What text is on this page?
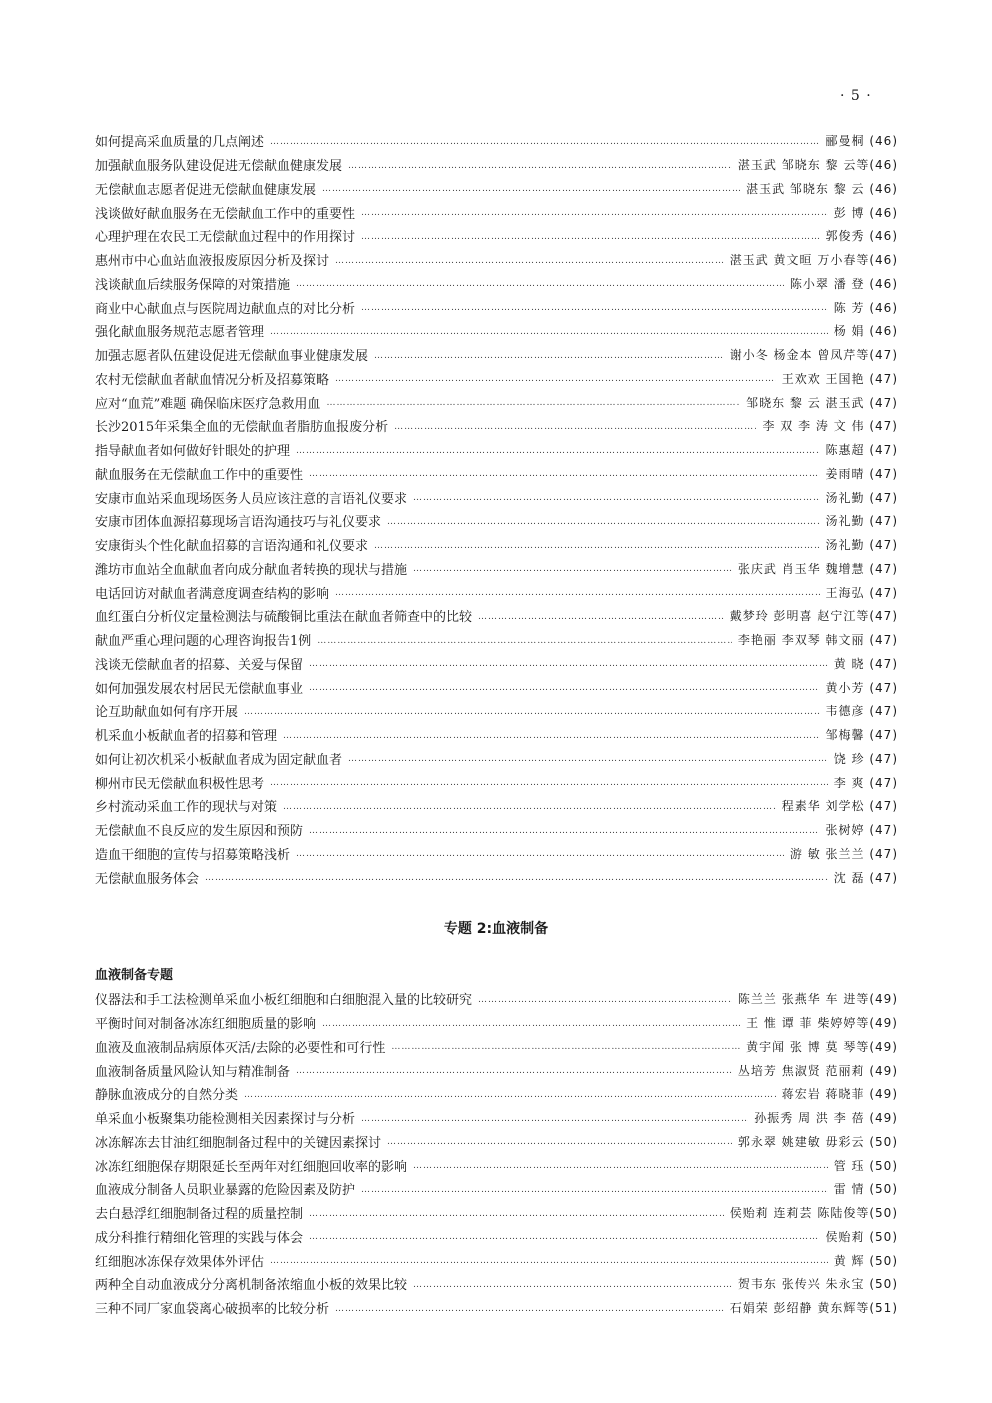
· 5 ·
如何提高采血质量的几点阐述 ………………………………………………………………………………………………………………………………………………………………………………………………………………………………………………	郦曼桐 (46)
加强献血服务队建设促进无偿献血健康发展 ………………………………………………………………………………………………………………………………………………………………………………………………………………………………………………	湛玉武 邹晓东 黎 云等(46)
无偿献血志愿者促进无偿献血健康发展 ………………………………………………………………………………………………………………………………………………………………………………………………………………………………………………	湛玉武 邹晓东 黎 云 (46)
浅谈做好献血服务在无偿献血工作中的重要性 ………………………………………………………………………………………………………………………………………………………………………………………………………………………………………………	彭 博 (46)
心理护理在农民工无偿献血过程中的作用探讨 ………………………………………………………………………………………………………………………………………………………………………………………………………………………………………………	郭俊秀 (46)
惠州市中心血站血液报废原因分析及探讨 ………………………………………………………………………………………………………………………………………………………………………………………………………………………………………………	湛玉武 黄文晅 万小春等(46)
浅谈献血后续服务保障的对策措施 ………………………………………………………………………………………………………………………………………………………………………………………………………………………………………………	陈小翠 潘 登 (46)
商业中心献血点与医院周边献血点的对比分析 ………………………………………………………………………………………………………………………………………………………………………………………………………………………………………………	陈 芳 (46)
强化献血服务规范志愿者管理 ………………………………………………………………………………………………………………………………………………………………………………………………………………………………………………	杨 娟 (46)
加强志愿者队伍建设促进无偿献血事业健康发展 ………………………………………………………………………………………………………………………………………………………………………………………………………………………………………………	谢小冬 杨金本 曾凤芹等(47)
农村无偿献血者献血情况分析及招募策略 ………………………………………………………………………………………………………………………………………………………………………………………………………………………………………………	王欢欢 王国艳 (47)
应对“血荒”难题 确保临床医疗急救用血 ………………………………………………………………………………………………………………………………………………………………………………………………………………………………………………	邹晓东 黎 云 湛玉武 (47)
长沙2015年采集全血的无偿献血者脂肪血报废分析 ………………………………………………………………………………………………………………………………………………………………………………………………………………………………………………	李 双 李 涛 文 伟 (47)
指导献血者如何做好针眼处的护理 ………………………………………………………………………………………………………………………………………………………………………………………………………………………………………………	陈惠超 (47)
献血服务在无偿献血工作中的重要性 ………………………………………………………………………………………………………………………………………………………………………………………………………………………………………………	姜雨晴 (47)
安康市血站采血现场医务人员应该注意的言语礼仪要求 ………………………………………………………………………………………………………………………………………………………………………………………………………………………………………………	汤礼勤 (47)
安康市团体血源招募现场言语沟通技巧与礼仪要求 ………………………………………………………………………………………………………………………………………………………………………………………………………………………………………………	汤礼勤 (47)
安康街头个性化献血招募的言语沟通和礼仪要求 ………………………………………………………………………………………………………………………………………………………………………………………………………………………………………………	汤礼勤 (47)
潍坊市血站全血献血者向成分献血者转换的现状与措施 ………………………………………………………………………………………………………………………………………………………………………………………………………………………………………………	张庆武 肖玉华 魏增慧 (47)
电话回访对献血者满意度调查结构的影响 ………………………………………………………………………………………………………………………………………………………………………………………………………………………………………………	王海弘 (47)
血红蛋白分析仪定量检测法与硫酸铜比重法在献血者筛查中的比较 ………………………………………………………………………………………………………………………………………………………………………………………………………………………………………………	戴梦玲 彭明喜 赵宁江等(47)
献血严重心理问题的心理咨询报告1例 ………………………………………………………………………………………………………………………………………………………………………………………………………………………………………………	李艳丽 李双琴 韩文丽 (47)
浅谈无偿献血者的招募、关爱与保留 ………………………………………………………………………………………………………………………………………………………………………………………………………………………………………………	黄 晓 (47)
如何加强发展农村居民无偿献血事业 ………………………………………………………………………………………………………………………………………………………………………………………………………………………………………………	黄小芳 (47)
论互助献血如何有序开展 ………………………………………………………………………………………………………………………………………………………………………………………………………………………………………………	韦德彦 (47)
机采血小板献血者的招募和管理 ………………………………………………………………………………………………………………………………………………………………………………………………………………………………………………	邹梅馨 (47)
如何让初次机采小板献血者成为固定献血者 ………………………………………………………………………………………………………………………………………………………………………………………………………………………………………………	饶 珍 (47)
柳州市民无偿献血积极性思考 ………………………………………………………………………………………………………………………………………………………………………………………………………………………………………………	李 爽 (47)
乡村流动采血工作的现状与对策 ………………………………………………………………………………………………………………………………………………………………………………………………………………………………………………	程素华 刘学松 (47)
无偿献血不良反应的发生原因和预防 ………………………………………………………………………………………………………………………………………………………………………………………………………………………………………………	张树婷 (47)
造血干细胞的宣传与招募策略浅析 ………………………………………………………………………………………………………………………………………………………………………………………………………………………………………………	游 敏 张兰兰 (47)
无偿献血服务体会 ………………………………………………………………………………………………………………………………………………………………………………………………………………………………………………	沈 磊 (47)
专题 2:血液制备
血液制备专题
仪器法和手工法检测单采血小板红细胞和白细胞混入量的比较研究 ………………………………………………………………………………………………………………………………………………………………………………………………………………………………………………	陈兰兰 张燕华 车 进等(49)
平衡时间对制备冰冻红细胞质量的影响 ………………………………………………………………………………………………………………………………………………………………………………………………………………………………………………	王 惟 谭 菲 柴婷婷等(49)
血液及血液制品病原体灭活/去除的必要性和可行性 ………………………………………………………………………………………………………………………………………………………………………………………………………………………………………………	黄宇闻 张 博 莫 琴等(49)
血液制备质量风险认知与精准制备 ………………………………………………………………………………………………………………………………………………………………………………………………………………………………………………	丛培芳 焦淑贤 范丽莉 (49)
静脉血液成分的自然分类 ………………………………………………………………………………………………………………………………………………………………………………………………………………………………………………	蒋宏岩 蒋晓菲 (49)
单采血小板聚集功能检测相关因素探讨与分析 ………………………………………………………………………………………………………………………………………………………………………………………………………………………………………………	孙振秀 周 洪 李 蓓 (49)
冰冻解冻去甘油红细胞制备过程中的关键因素探讨 ………………………………………………………………………………………………………………………………………………………………………………………………………………………………………………	郭永翠 姚建敏 毋彩云 (50)
冰冻红细胞保存期限延长至两年对红细胞回收率的影响 ………………………………………………………………………………………………………………………………………………………………………………………………………………………………………………	管 珏 (50)
血液成分制备人员职业暴露的危险因素及防护 ………………………………………………………………………………………………………………………………………………………………………………………………………………………………………………	雷 情 (50)
去白悬浮红细胞制备过程的质量控制 ………………………………………………………………………………………………………………………………………………………………………………………………………………………………………………	侯贻莉 连莉芸 陈陆俊等(50)
成分科推行精细化管理的实践与体会 ………………………………………………………………………………………………………………………………………………………………………………………………………………………………………………	侯贻莉 (50)
红细胞冰冻保存效果体外评估 ………………………………………………………………………………………………………………………………………………………………………………………………………………………………………………	黄 辉 (50)
两种全自动血液成分分离机制备浓缩血小板的效果比较 ………………………………………………………………………………………………………………………………………………………………………………………………………………………………………………	贺韦东 张传兴 朱永宝 (50)
三种不同厂家血袋离心破损率的比较分析 ………………………………………………………………………………………………………………………………………………………………………………………………………………………………………………	石娟荣 彭绍静 黄东辉等(51)
